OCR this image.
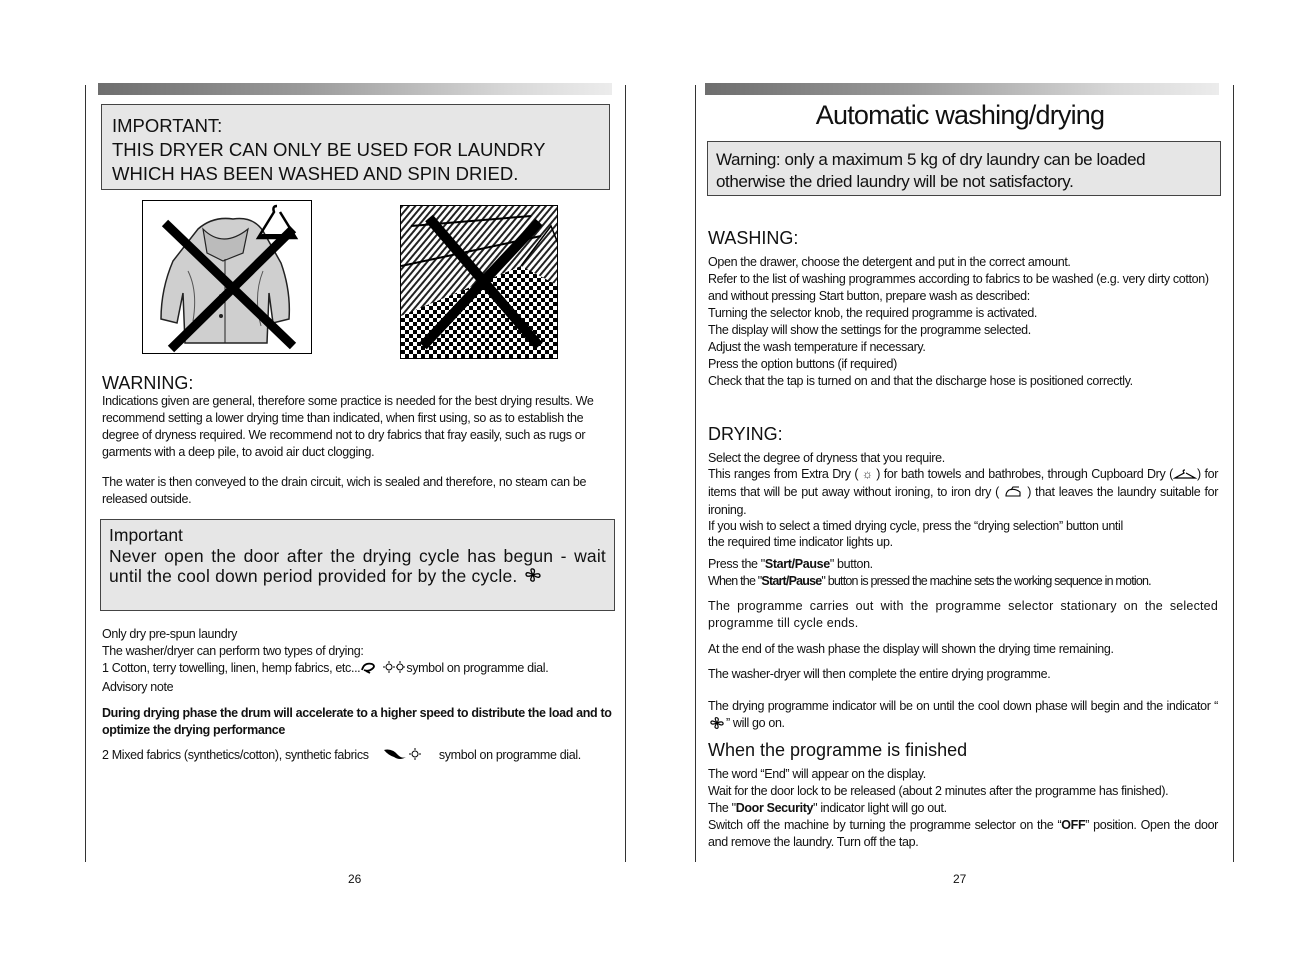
IMPORTANT:
THIS DRYER CAN ONLY BE USED FOR LAUNDRY
WHICH HAS BEEN WASHED AND SPIN DRIED.
WARNING:

Indications given are general, therefore some practice is needed for the best drying results. We recommend setting a lower drying time than indicated, when first using, so as to establish the degree of dryness required. We recommend not to dry fabrics that fray easily, such as rugs or garments with a deep pile, to avoid air duct clogging.

The water is then conveyed to the drain circuit, wich is sealed and therefore, no steam can be released outside.

Important
Never open the door after the drying cycle has begun - wait until the cool down period provided for by the cycle.

Only dry pre-spun laundry

The washer/dryer can perform two types of drying:

1 Cotton, terry towelling, linen, hemp fabrics, etc...	symbol on programme dial.

Advisory note

During drying phase the drum will accelerate to a higher speed to distribute the load and to optimize the drying performance

2 Mixed fabrics (synthetics/cotton), synthetic fabrics	symbol on programme dial.
26
Automatic washing/drying
Warning: only a maximum 5 kg of dry laundry can be loaded
otherwise the dried laundry will be not satisfactory.
WASHING:

Open the drawer, choose the detergent and put in the correct amount.

Refer to the list of washing programmes according to fabrics to be washed (e.g. very dirty cotton) and without pressing Start button, prepare wash as described:

Turning the selector knob, the required programme is activated.

The display will show the settings for the programme selected.

Adjust the wash temperature if necessary.

Press the option buttons (if required)

Check that the tap is turned on and that the discharge hose is positioned correctly.

DRYING:

Select the degree of dryness that you require.

This ranges from Extra Dry ( ☼ ) for bath towels and bathrobes, through Cupboard Dry ( ) for items that will be put away without ironing, to iron dry ( ) that leaves the laundry suitable for ironing.

If you wish to select a timed drying cycle, press the “drying selection” button until

the required time indicator lights up.

Press the "Start/Pause" button.

When the "Start/Pause" button is pressed the machine sets the working sequence in motion.

The programme carries out with the programme selector stationary on the selected programme till cycle ends.
At the end of the wash phase the display will shown the drying time remaining.
The washer-dryer will then complete the entire drying programme.
The drying programme indicator will be on until the cool down phase will begin and the indicator “” will go on.
When the programme is finished

The word “End” will appear on the display.

Wait for the door lock to be released (about 2 minutes after the programme has finished).

The "Door Security" indicator light will go out.

Switch off the machine by turning the programme selector on the “OFF” position. Open the door and remove the laundry. Turn off the tap.

27
